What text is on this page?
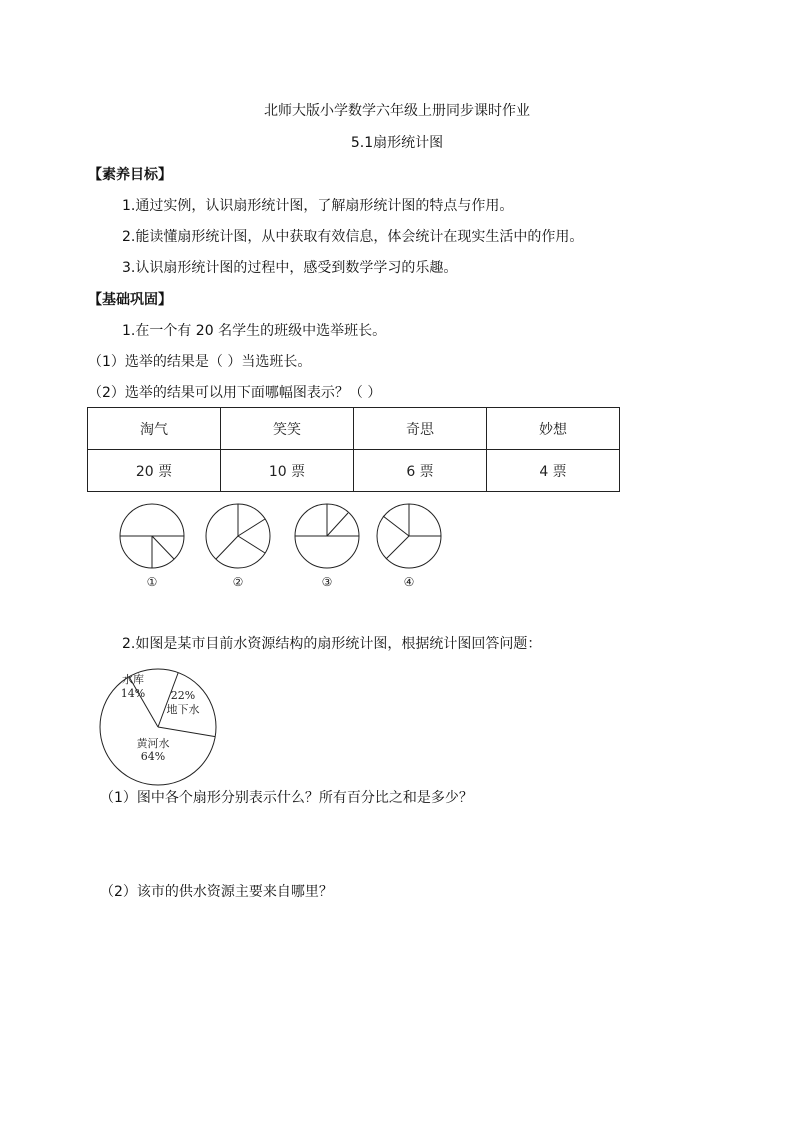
北师大版小学数学六年级上册同步课时作业
5.1扇形统计图
【素养目标】
1.通过实例，认识扇形统计图，了解扇形统计图的特点与作用。
2.能读懂扇形统计图，从中获取有效信息，体会统计在现实生活中的作用。
3.认识扇形统计图的过程中，感受到数学学习的乐趣。
【基础巩固】
1.在一个有 20 名学生的班级中选举班长。
（1）选举的结果是（ ）当选班长。
（2）选举的结果可以用下面哪幅图表示？（ ）
淘气	笑笑	奇思	妙想
20 票	10 票	6 票	4 票
①	②	③	④
2.如图是某市目前水资源结构的扇形统计图，根据统计图回答问题：
水库
14% 22%
地下水
黄河水
64%
（1）图中各个扇形分别表示什么？所有百分比之和是多少？
（2）该市的供水资源主要来自哪里？
